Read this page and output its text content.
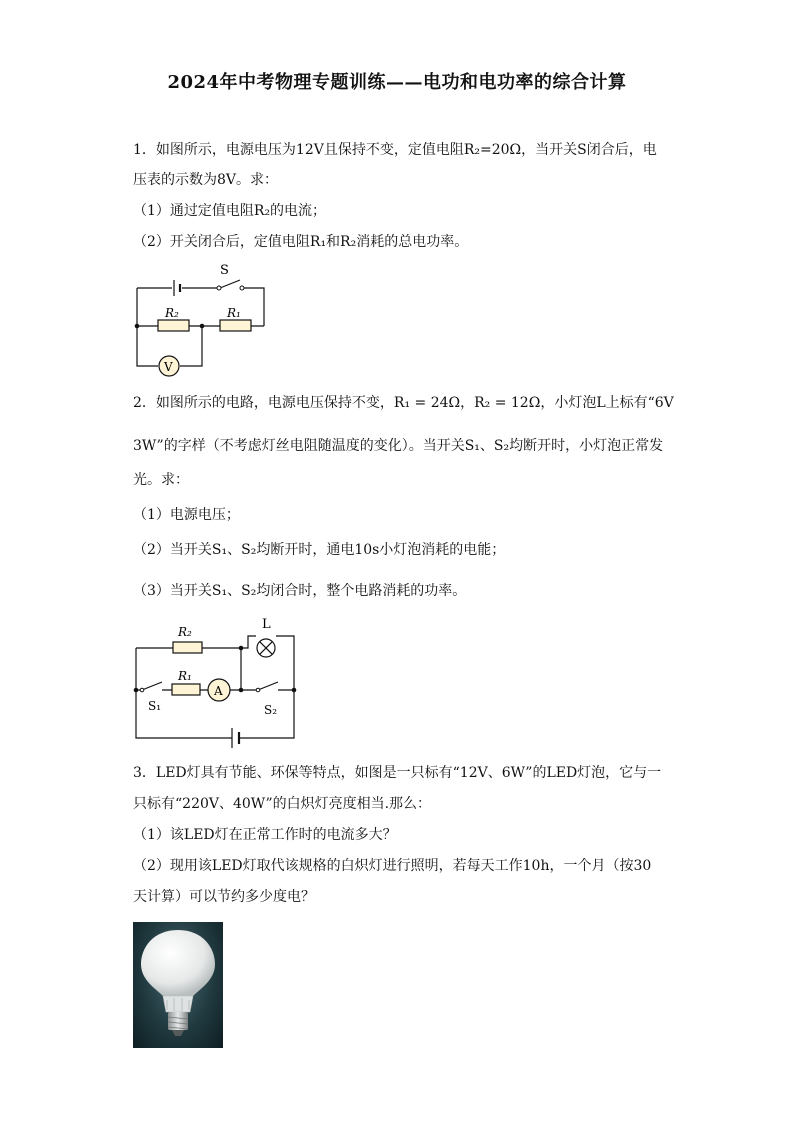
2024年中考物理专题训练——电功和电功率的综合计算
1．如图所示，电源电压为12V且保持不变，定值电阻R₂=20Ω，当开关S闭合后，电
压表的示数为8V。求：
（1）通过定值电阻R₂的电流；
（2）开关闭合后，定值电阻R₁和R₂消耗的总电功率。
S
R₂	R₁
V
2．如图所示的电路，电源电压保持不变，R₁ = 24Ω，R₂ = 12Ω，小灯泡L上标有“6V
3W”的字样（不考虑灯丝电阻随温度的变化）。当开关S₁、S₂均断开时，小灯泡正常发
光。求：
（1）电源电压；
（2）当开关S₁、S₂均断开时，通电10s小灯泡消耗的电能；
（3）当开关S₁、S₂均闭合时，整个电路消耗的功率。
R₂
R₁
A
L
S₁	S₂
3．LED灯具有节能、环保等特点，如图是一只标有“12V、6W”的LED灯泡，它与一
只标有“220V、40W”的白炽灯亮度相当.那么：
（1）该LED灯在正常工作时的电流多大？
（2）现用该LED灯取代该规格的白炽灯进行照明，若每天工作10h，一个月（按30
天计算）可以节约多少度电？
